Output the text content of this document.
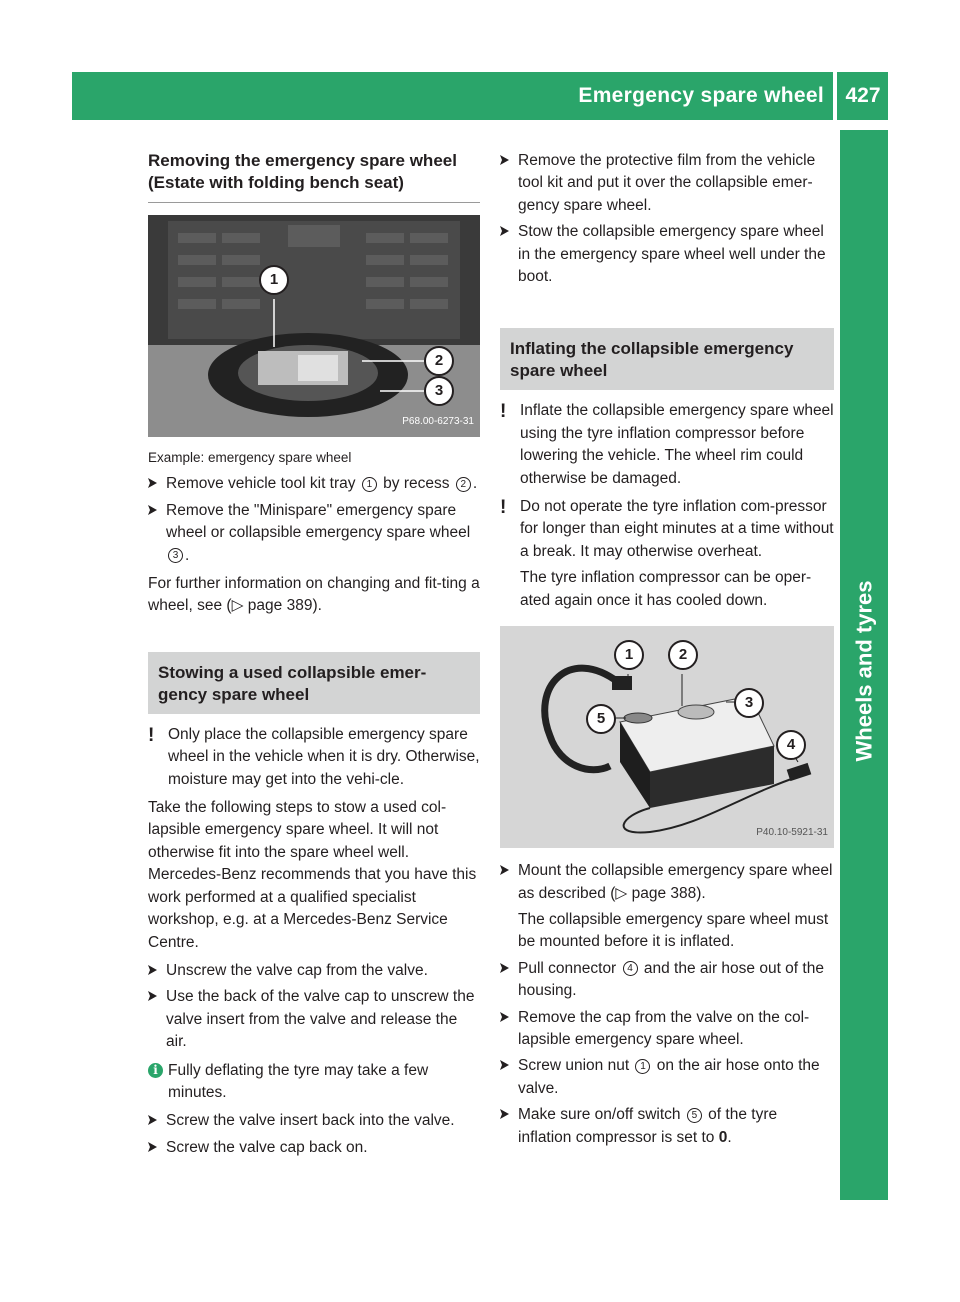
Emergency spare wheel 427
Wheels and tyres
Removing the emergency spare wheel (Estate with folding bench seat)
1
2
3
P68.00-6273-31
Example: emergency spare wheel
Remove vehicle tool kit tray 1 by recess 2 .
Remove the "Minispare" emergency spare wheel or collapsible emergency spare wheel 3 .
For further information on changing and fit-ting a wheel, see (▷ page 389).
Stowing a used collapsible emer-gency spare wheel
! Only place the collapsible emergency spare wheel in the vehicle when it is dry. Otherwise, moisture may get into the vehi-cle.
Take the following steps to stow a used col-lapsible emergency spare wheel. It will not otherwise fit into the spare wheel well. Mercedes-Benz recommends that you have this work performed at a qualified specialist workshop, e.g. at a Mercedes-Benz Service Centre.
Unscrew the valve cap from the valve.
Use the back of the valve cap to unscrew the valve insert from the valve and release the air.
i Fully deflating the tyre may take a few minutes.
Screw the valve insert back into the valve.
Screw the valve cap back on.
Remove the protective film from the vehicle tool kit and put it over the collapsible emer-gency spare wheel.
Stow the collapsible emergency spare wheel in the emergency spare wheel well under the boot.
Inflating the collapsible emergency spare wheel
! Inflate the collapsible emergency spare wheel using the tyre inflation compressor before lowering the vehicle. The wheel rim could otherwise be damaged.
! Do not operate the tyre inflation com-pressor for longer than eight minutes at a time without a break. It may otherwise overheat.
The tyre inflation compressor can be oper-ated again once it has cooled down.
1	2
3
4
5
P40.10-5921-31
Mount the collapsible emergency spare wheel as described (▷ page 388).
The collapsible emergency spare wheel must be mounted before it is inflated.
Pull connector 4 and the air hose out of the housing.
Remove the cap from the valve on the col-lapsible emergency spare wheel.
Screw union nut 1 on the air hose onto the valve.
Make sure on/off switch 5 of the tyre inflation compressor is set to 0.
